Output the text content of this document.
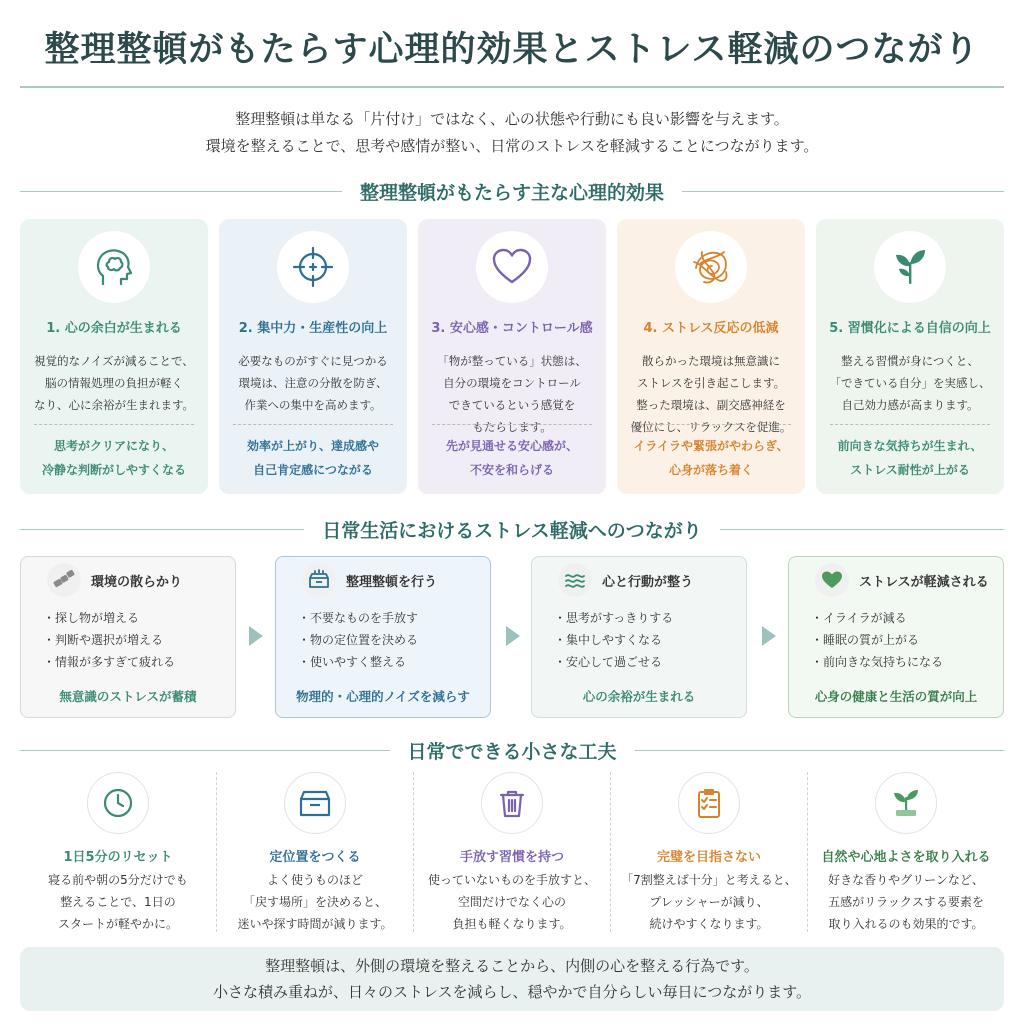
整理整頓がもたらす心理的効果とストレス軽減のつながり
整理整頓は単なる「片付け」ではなく、心の状態や行動にも良い影響を与えます。
環境を整えることで、思考や感情が整い、日常のストレスを軽減することにつながります。
整理整頓がもたらす主な心理的効果
1. 心の余白が生まれる
視覚的なノイズが減ることで、
脳の情報処理の負担が軽く
なり、心に余裕が生まれます。
思考がクリアになり、
冷静な判断がしやすくなる
2. 集中力・生産性の向上
必要なものがすぐに見つかる
環境は、注意の分散を防ぎ、
作業への集中を高めます。
効率が上がり、達成感や
自己肯定感につながる
3. 安心感・コントロール感
「物が整っている」状態は、
自分の環境をコントロール
できているという感覚を
もたらします。
先が見通せる安心感が、
不安を和らげる
4. ストレス反応の低減
散らかった環境は無意識に
ストレスを引き起こします。
整った環境は、副交感神経を
優位にし、リラックスを促進。
イライラや緊張がやわらぎ、
心身が落ち着く
5. 習慣化による自信の向上
整える習慣が身につくと、
「できている自分」を実感し、
自己効力感が高まります。
前向きな気持ちが生まれ、
ストレス耐性が上がる
日常生活におけるストレス軽減へのつながり
環境の散らかり
・探し物が増える
・判断や選択が増える
・情報が多すぎて疲れる
無意識のストレスが蓄積
整理整頓を行う
・不要なものを手放す
・物の定位置を決める
・使いやすく整える
物理的・心理的ノイズを減らす
心と行動が整う
・思考がすっきりする
・集中しやすくなる
・安心して過ごせる
心の余裕が生まれる
ストレスが軽減される
・イライラが減る
・睡眠の質が上がる
・前向きな気持ちになる
心身の健康と生活の質が向上
日常でできる小さな工夫
1日5分のリセット
寝る前や朝の5分だけでも
整えることで、1日の
スタートが軽やかに。
定位置をつくる
よく使うものほど
「戻す場所」を決めると、
迷いや探す時間が減ります。
手放す習慣を持つ
使っていないものを手放すと、
空間だけでなく心の
負担も軽くなります。
完璧を目指さない
「7割整えば十分」と考えると、
プレッシャーが減り、
続けやすくなります。
自然や心地よさを取り入れる
好きな香りやグリーンなど、
五感がリラックスする要素を
取り入れるのも効果的です。
整理整頓は、外側の環境を整えることから、内側の心を整える行為です。
小さな積み重ねが、日々のストレスを減らし、穏やかで自分らしい毎日につながります。
